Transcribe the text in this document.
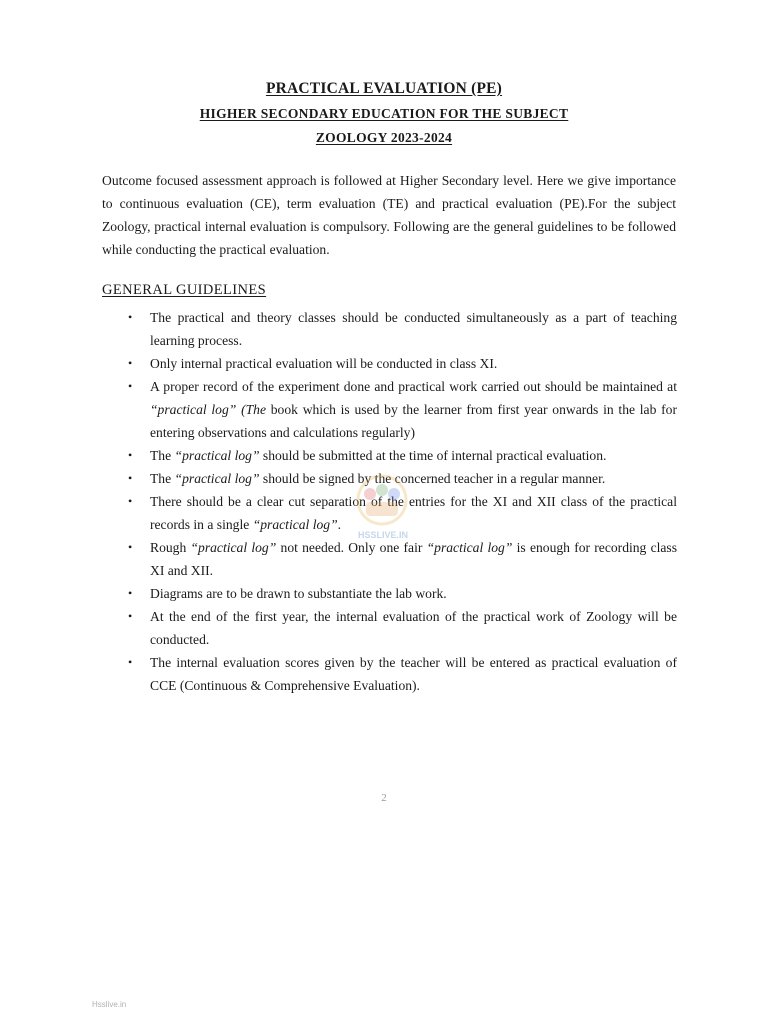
PRACTICAL EVALUATION (PE)
HIGHER SECONDARY EDUCATION FOR THE SUBJECT
ZOOLOGY 2023-2024

Outcome focused assessment approach is followed at Higher Secondary level. Here we give importance to continuous evaluation (CE), term evaluation (TE) and practical evaluation (PE).For the subject Zoology, practical internal evaluation is compulsory. Following are the general guidelines to be followed while conducting the practical evaluation.

GENERAL GUIDELINES

• The practical and theory classes should be conducted simultaneously as a part of teaching learning process.
• Only internal practical evaluation will be conducted in class XI.
• A proper record of the experiment done and practical work carried out should be maintained at “practical log” (The book which is used by the learner from first year onwards in the lab for entering observations and calculations regularly)
• The “practical log” should be submitted at the time of internal practical evaluation.
• The “practical log” should be signed by the concerned teacher in a regular manner.
• There should be a clear cut separation of the entries for the XI and XII class of the practical records in a single “practical log”.
• Rough “practical log” not needed. Only one fair “practical log” is enough for recording class XI and XII.
• Diagrams are to be drawn to substantiate the lab work.
• At the end of the first year, the internal evaluation of the practical work of Zoology will be conducted.
• The internal evaluation scores given by the teacher will be entered as practical evaluation of CCE (Continuous & Comprehensive Evaluation).
HSSLIVE.IN
2
Hsslive.in
